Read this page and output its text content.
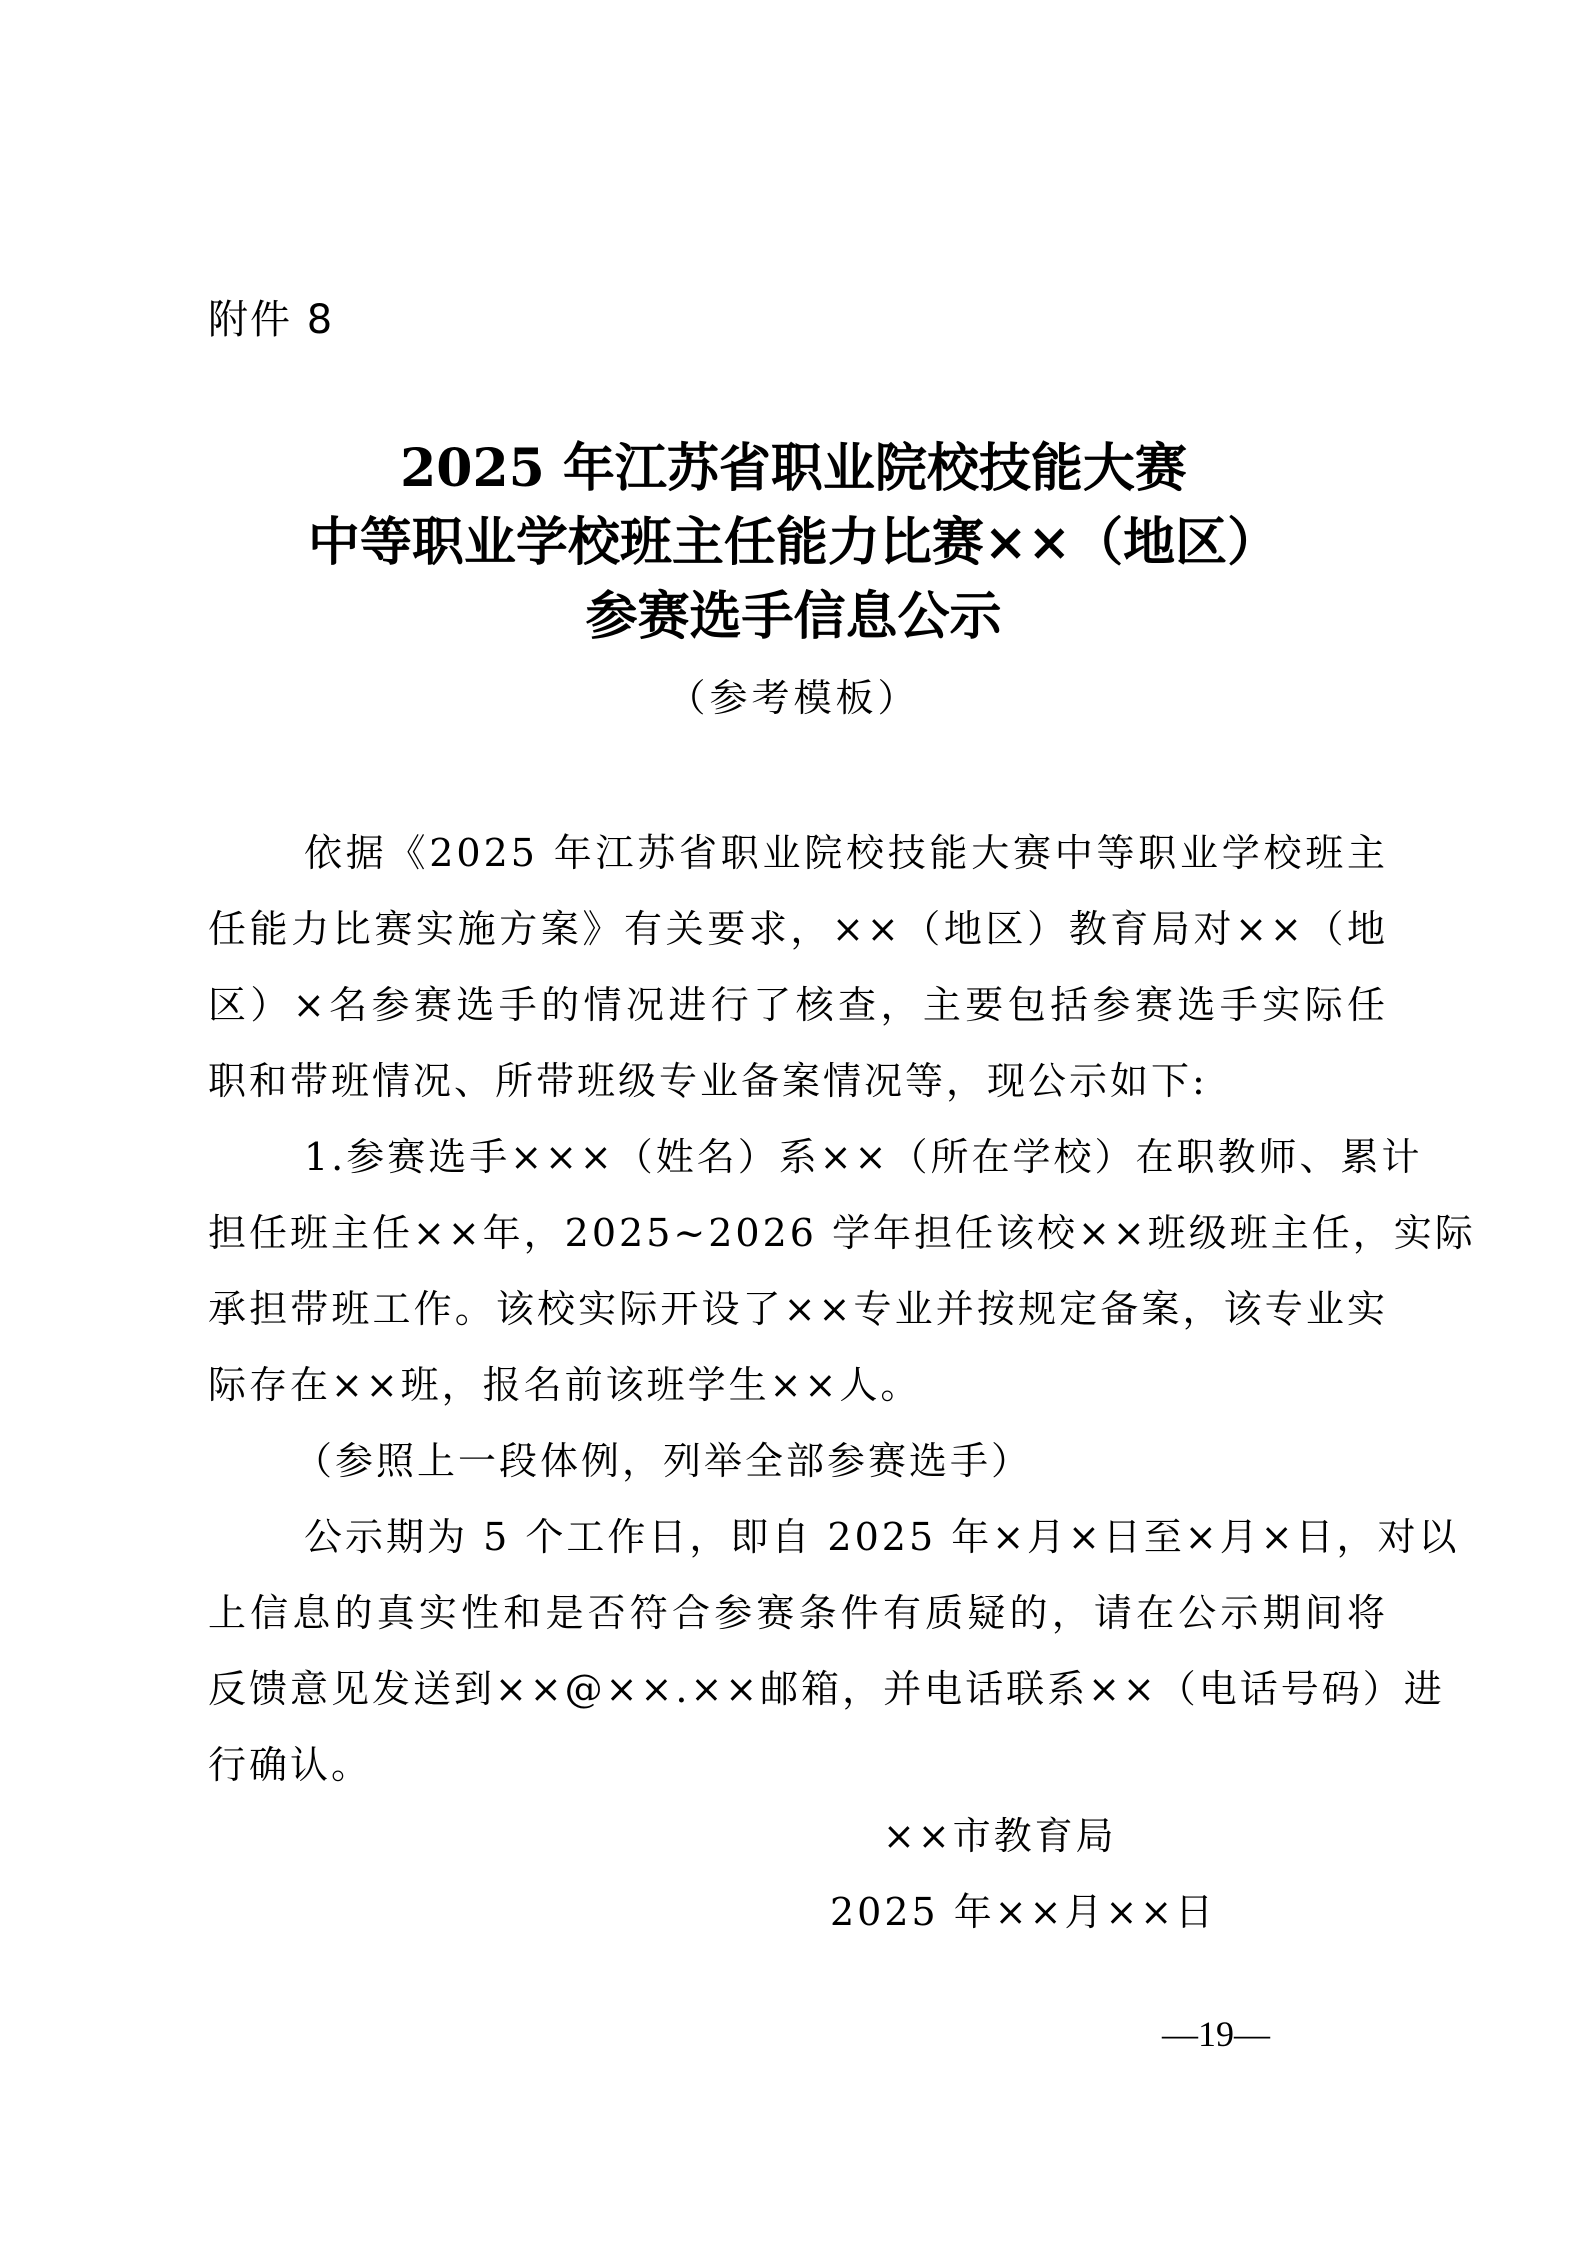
附件 8
2025 年江苏省职业院校技能大赛
中等职业学校班主任能力比赛××（地区）
参赛选手信息公示
（参考模板）
依据《2025 年江苏省职业院校技能大赛中等职业学校班主
任能力比赛实施方案》有关要求，××（地区）教育局对××（地
区）×名参赛选手的情况进行了核查，主要包括参赛选手实际任
职和带班情况、所带班级专业备案情况等，现公示如下:
1.参赛选手×××（姓名）系××（所在学校）在职教师、累计
担任班主任××年，2025~2026 学年担任该校××班级班主任，实际
承担带班工作。该校实际开设了××专业并按规定备案，该专业实
际存在××班，报名前该班学生××人。
（参照上一段体例，列举全部参赛选手）
公示期为 5 个工作日，即自 2025 年×月×日至×月×日，对以
上信息的真实性和是否符合参赛条件有质疑的，请在公示期间将
反馈意见发送到××@××.××邮箱，并电话联系××（电话号码）进
行确认。
××市教育局
2025 年××月××日
—19—
